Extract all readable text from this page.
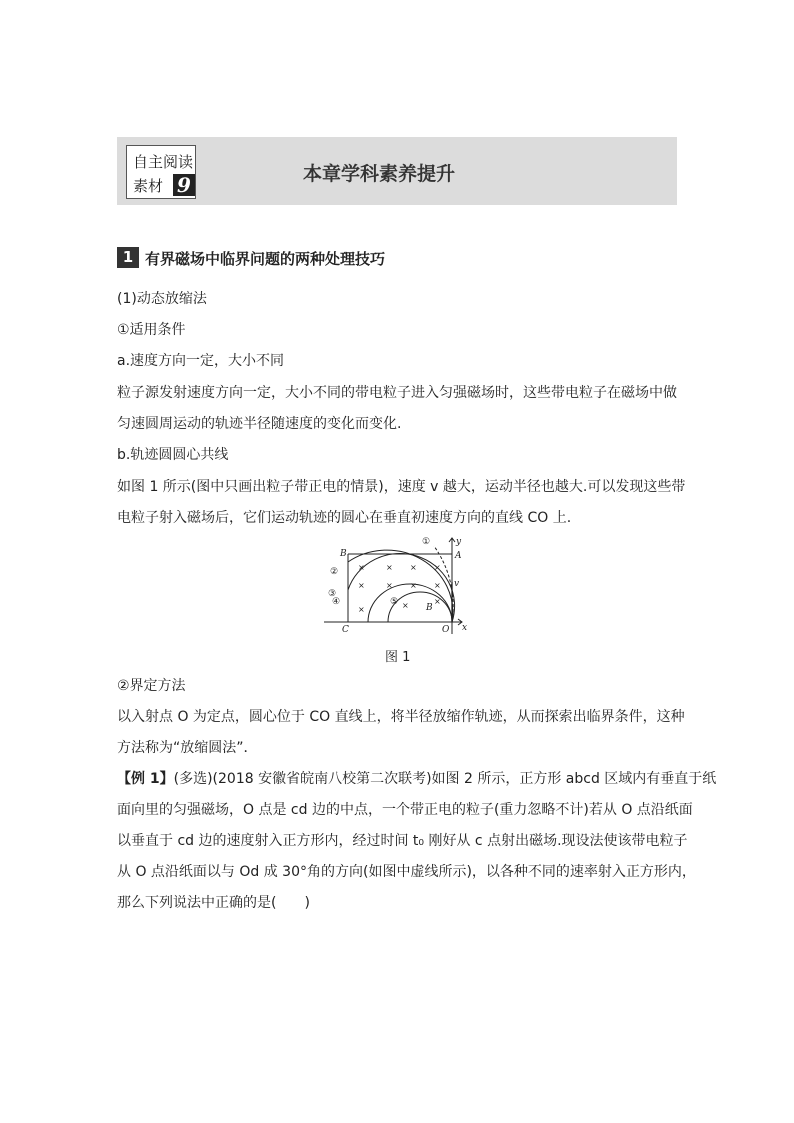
自主阅读
素材 9	本章学科素养提升
1 有界磁场中临界问题的两种处理技巧
(1)动态放缩法
①适用条件
a.速度方向一定，大小不同
粒子源发射速度方向一定，大小不同的带电粒子进入匀强磁场时，这些带电粒子在磁场中做
匀速圆周运动的轨迹半径随速度的变化而变化.
b.轨迹圆圆心共线
如图 1 所示(图中只画出粒子带正电的情景)，速度 v 越大，运动半径也越大.可以发现这些带
电粒子射入磁场后，它们运动轨迹的圆心在垂直初速度方向的直线 CO 上.
B	A
C	O x
y
v
①
②
③
④	⑤
B
×	× × ×
×	× × ×
×	×	×
图 1
②界定方法
以入射点 O 为定点，圆心位于 CO 直线上，将半径放缩作轨迹，从而探索出临界条件，这种
方法称为“放缩圆法”．
【例 1】(多选)(2018 安徽省皖南八校第二次联考)如图 2 所示，正方形 abcd 区域内有垂直于纸
面向里的匀强磁场，O 点是 cd 边的中点，一个带正电的粒子(重力忽略不计)若从 O 点沿纸面
以垂直于 cd 边的速度射入正方形内，经过时间 t₀ 刚好从 c 点射出磁场.现设法使该带电粒子
从 O 点沿纸面以与 Od 成 30°角的方向(如图中虚线所示)，以各种不同的速率射入正方形内，
那么下列说法中正确的是(　　)
